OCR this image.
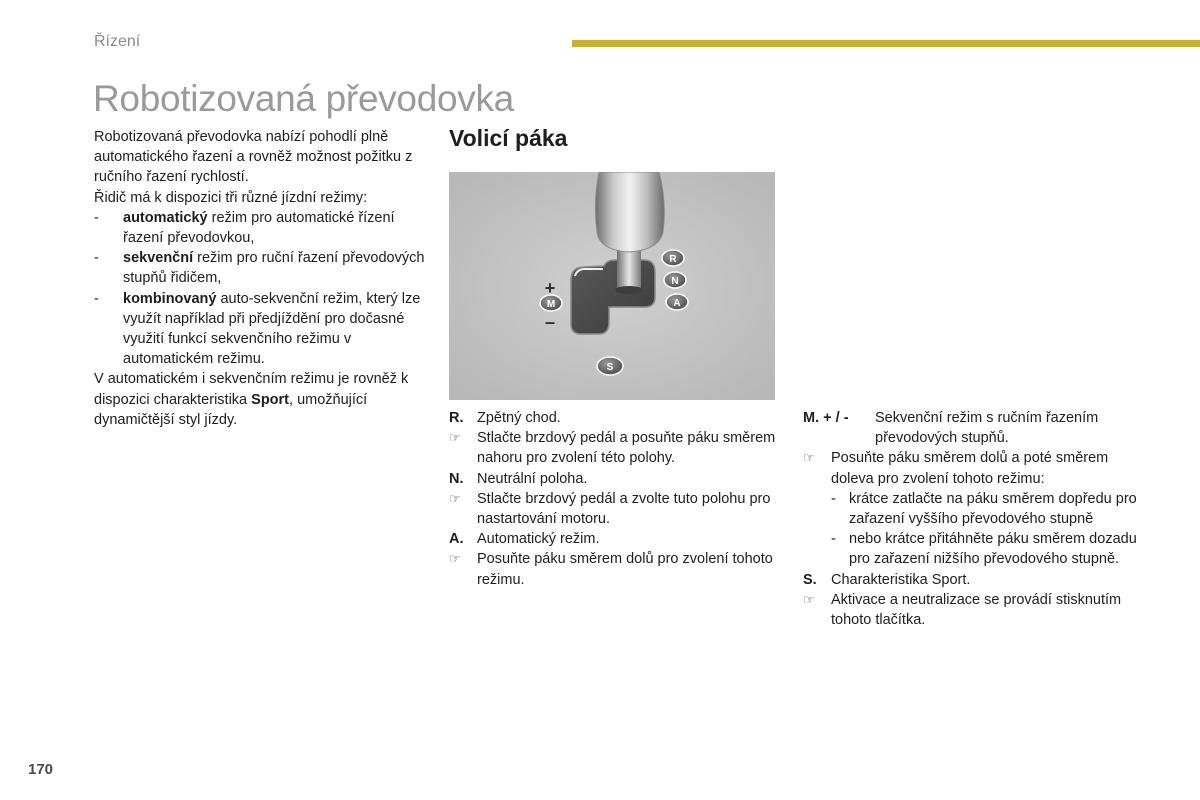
Řízení
Robotizovaná převodovka

Robotizovaná převodovka nabízí pohodlí plně automatického řazení a rovněž možnost požitku z ručního řazení rychlostí.

Řidič má k dispozici tři různé jízdní režimy:

- automatický režim pro automatické řízení řazení převodovkou,
- sekvenční režim pro ruční řazení převodových stupňů řidičem,
- kombinovaný auto-sekvenční režim, který lze využít například při předjíždění pro dočasné využití funkcí sekvenčního režimu v automatickém režimu.

V automatickém i sekvenčním režimu je rovněž k dispozici charakteristika Sport, umožňující dynamičtější styl jízdy.

Volicí páka
R
N
A
M
+
–
S
R. Zpětný chod.
☞ Stlačte brzdový pedál a posuňte páku směrem nahoru pro zvolení této polohy.
N. Neutrální poloha.
☞ Stlačte brzdový pedál a zvolte tuto polohu pro nastartování motoru.
A. Automatický režim.
☞ Posuňte páku směrem dolů pro zvolení tohoto režimu.
M. + / - Sekvenční režim s ručním řazením převodových stupňů.
☞ Posuňte páku směrem dolů a poté směrem doleva pro zvolení tohoto režimu:
- krátce zatlačte na páku směrem dopředu pro zařazení vyššího převodového stupně
- nebo krátce přitáhněte páku směrem dozadu pro zařazení nižšího převodového stupně.
S. Charakteristika Sport.
☞ Aktivace a neutralizace se provádí stisknutím tohoto tlačítka.
170
